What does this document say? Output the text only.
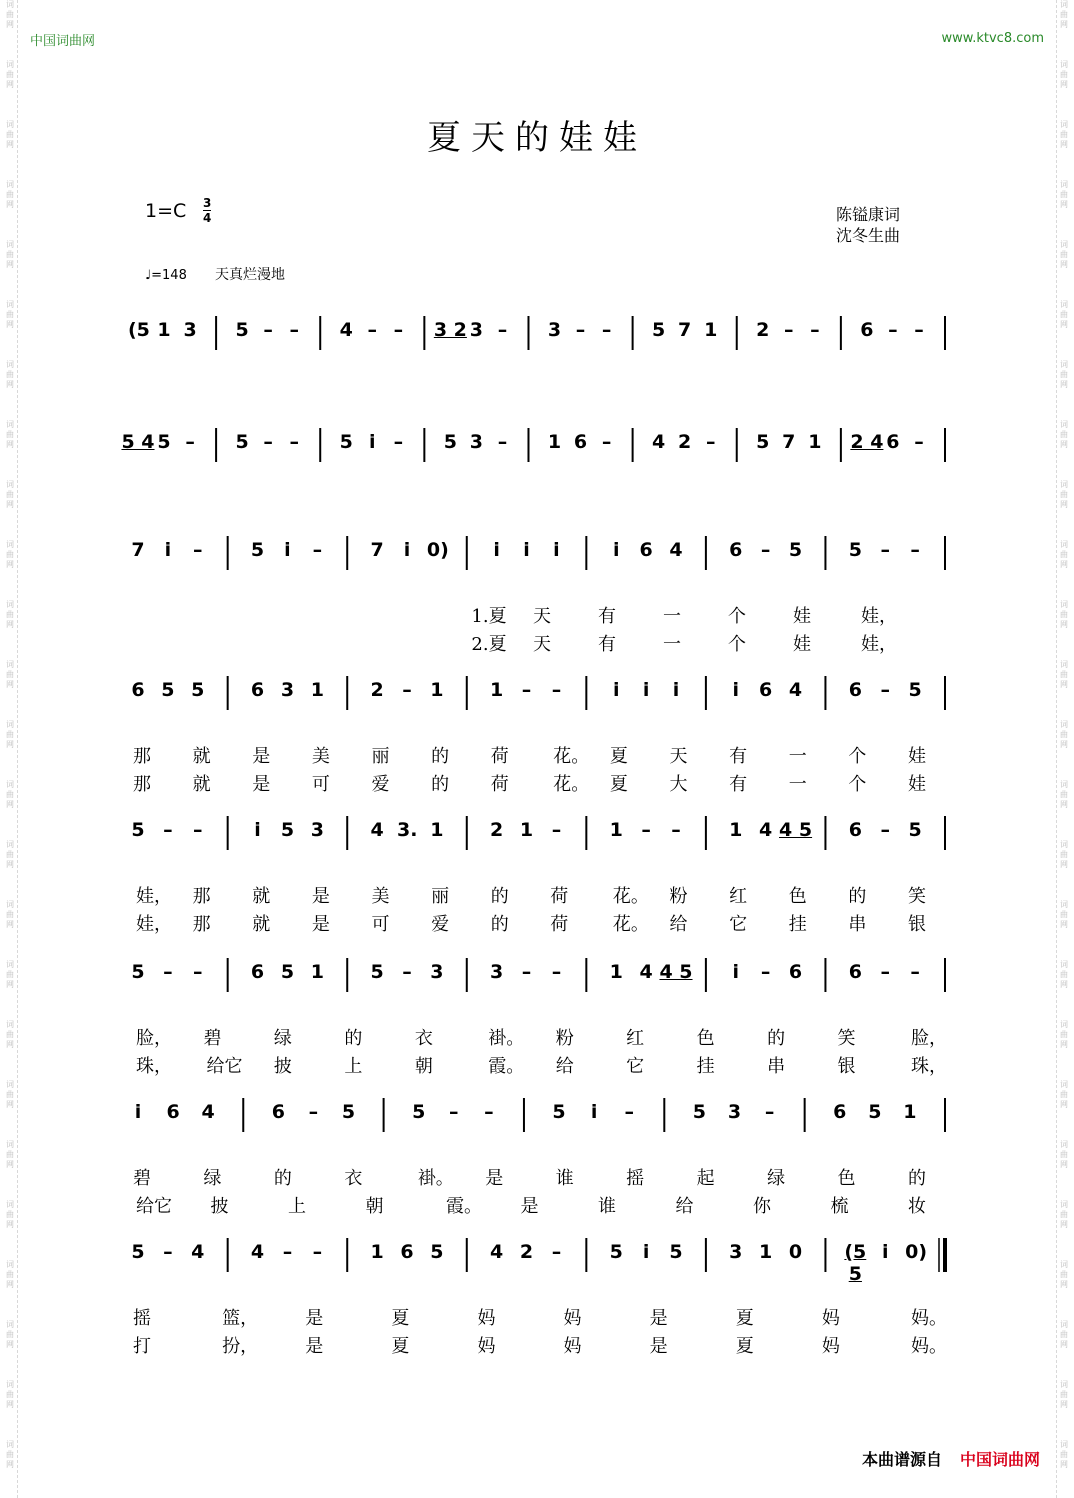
中国词曲网	www.ktvc8.com
词
曲
网
词
曲
网
词
曲
网
词
曲
网
词
曲
网
词
曲
网
词
曲
网
词
曲
网
词
曲
网
词
曲
网
词
曲
网
词
曲
网
词
曲
网
词
曲
网
词
曲
网
词
曲
网
词
曲
网
词
曲
网
词
曲
网
词
曲
网
词
曲
网
词
曲
网
词
曲
网
词
曲
网
词
曲
网
词
曲
网
词
曲
网
词
曲
网
词
曲
网
词
曲
网
词
曲
网
词
曲
网
词
曲
网
词
曲
网
词
曲
网
词
曲
网
词
曲
网
词
曲
网
词
曲
网
词
曲
网
词
曲
网
词
曲
网
词
曲
网
词
曲
网
词
曲
网
词
曲
网
词
曲
网
词
曲
网
词
曲
网
词
曲
网
夏天的娃娃
1=C 3
4	陈镒康词
沈冬生曲
♩=148 天真烂漫地
(5 1 3 5 – – 4 – – 3 2 3 – 3 – – 5 7 1 2 – – 6 – –
5 4 5 – 5 – – 5 i – 5 3 – 1 6 – 4 2 – 5 7 1 2 4 6 –
7	i	–	5	i	–	7	i 0)	i	i	i	i	6 4 6 – 5 5 – –
1.夏	天	有	一	个	娃	娃，
2.夏	天	有	一	个	娃	娃，
6 5 5 6 3 1 2 – 1 1 – –	i	i	i	i	6 4 6 – 5
那 就 是 美 丽 的 荷	花。	夏 天 有 一 个 娃
那 就 是 可 爱 的 荷	花。	夏 大 有 一 个 娃
5 – –	i	5 3 4 3. 1 2 1 –	1 – –	1 4 4 5 6 – 5
娃，	那 就 是 美 丽 的 荷	花。	粉 红 色 的 笑
娃，	那 就 是 可 爱 的 荷	花。	给 它 挂 串 银
5 – –	6 5 1 5 – 3 3 – –	1 4 4 5	i	– 6 6 – –
脸，	碧	绿	的	衣	褂。	粉	红	色	的	笑	脸，
珠，	给它	披	上	朝	霞。	给	它	挂	串	银	珠，
i	6 4	6 – 5	5 – –	5	i	–	5 3 –	6 5 1
碧	绿	的	衣	褂。	是	谁	摇	起	绿	色	的
给它	披	上	朝	霞。	是	谁	给	你	梳	妆
5 – 4 4 – –	1 6 5 4 2 –	5	i	5 3 1 0	(5 5
i 0)
摇	篮，	是	夏	妈	妈	是	夏	妈	妈。
打	扮，	是	夏	妈	妈	是	夏	妈	妈。
本曲谱源自 中国词曲网
